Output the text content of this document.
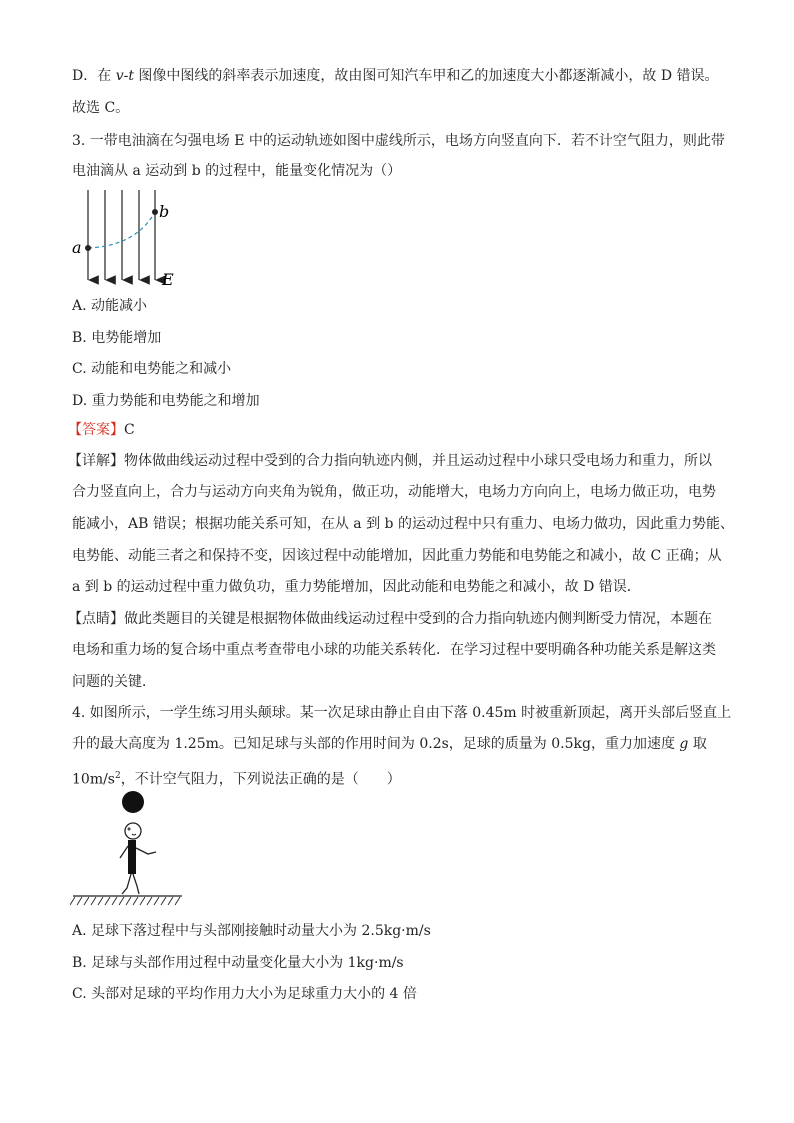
D．在 v-t 图像中图线的斜率表示加速度，故由图可知汽车甲和乙的加速度大小都逐渐减小，故 D 错误。
故选 C。
3. 一带电油滴在匀强电场 E 中的运动轨迹如图中虚线所示，电场方向竖直向下．若不计空气阻力，则此带
电油滴从 a 运动到 b 的过程中，能量变化情况为（）
a
b
E
A. 动能减小
B. 电势能增加
C. 动能和电势能之和减小
D. 重力势能和电势能之和增加
【答案】C
【详解】物体做曲线运动过程中受到的合力指向轨迹内侧，并且运动过程中小球只受电场力和重力，所以
合力竖直向上，合力与运动方向夹角为锐角，做正功，动能增大，电场力方向向上，电场力做正功，电势
能减小，AB 错误；根据功能关系可知，在从 a 到 b 的运动过程中只有重力、电场力做功，因此重力势能、
电势能、动能三者之和保持不变，因该过程中动能增加，因此重力势能和电势能之和减小，故 C 正确；从
a 到 b 的运动过程中重力做负功，重力势能增加，因此动能和电势能之和减小，故 D 错误．
【点睛】做此类题目的关键是根据物体做曲线运动过程中受到的合力指向轨迹内侧判断受力情况，本题在
电场和重力场的复合场中重点考查带电小球的功能关系转化．在学习过程中要明确各种功能关系是解这类
问题的关键．
4. 如图所示，一学生练习用头颠球。某一次足球由静止自由下落 0.45m 时被重新顶起，离开头部后竖直上
升的最大高度为 1.25m。已知足球与头部的作用时间为 0.2s，足球的质量为 0.5kg，重力加速度 g 取
$10m/s^2$，不计空气阻力，下列说法正确的是（　　）
A. 足球下落过程中与头部刚接触时动量大小为 2.5kg·m/s
B. 足球与头部作用过程中动量变化量大小为 1kg·m/s
C. 头部对足球的平均作用力大小为足球重力大小的 4 倍
